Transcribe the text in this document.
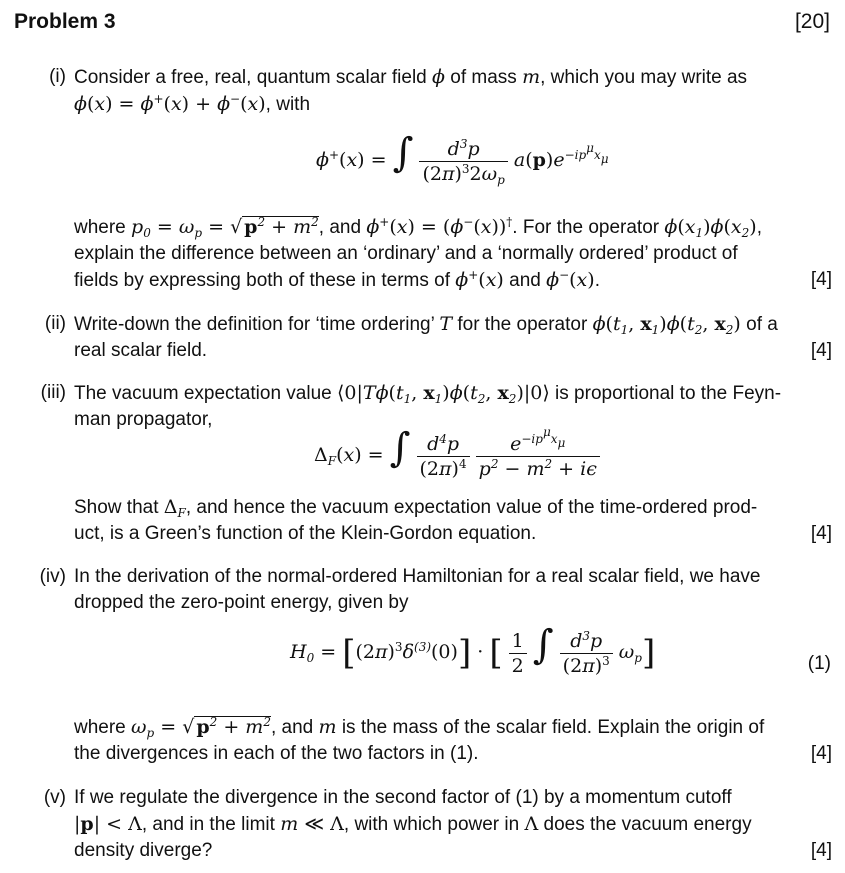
Problem 3	[20]
(i) Consider a free, real, quantum scalar field ϕ of mass m, which you may write as
ϕ(x) = ϕ+(x) + ϕ−(x), with
ϕ+(x) = ∫ $\frac{d^3p}{(2\pi)^32\omega_p} a(p)e^{-ip^\mu x_\mu}$
where $p_0 = \omega_p$ = √ $p^2 + m^2$, and ϕ+(x) = (ϕ−(x))†. For the operator $\phi(x_1)\phi(x_2)$,
explain the difference between an ‘ordinary’ and a ‘normally ordered’ product of
fields by expressing both of these in terms of ϕ+(x) and ϕ−(x).	[4]
(ii) Write-down the definition for ‘time ordering’ T for the operator $\phi(t_1$, $x_1)\phi(t_2$, $x_2$) of a
real scalar field.	[4]
(iii) The vacuum expectation value $⟨0|T\phi(t_1$, $x_1)\phi(t_2$, $x_2)|0⟩$ is proportional to the Feyn-
man propagator,
$\Delta_F(x)$ = ∫ $\frac{d^4p}{(2\pi)^4}$
$\frac{e^{-ip^\mu x_\mu}}{p^2 - m^2 + i\epsilon}$
Show that $\Delta_F$, and hence the vacuum expectation value of the time-ordered prod-
uct, is a Green’s function of the Klein-Gordon equation.	[4]
(iv) In the derivation of the normal-ordered Hamiltonian for a real scalar field, we have
dropped the zero-point energy, given by
$H_0 = [(2\pi)^3\delta^{(3)}(0)]$ · [ $\frac{1}{2}$ ∫ $\frac{d^3p}{(2\pi)^3} \omega_p$]	(1)
where $\omega_p$ = √ $p^2 + m^2$, and m is the mass of the scalar field. Explain the origin of
the divergences in each of the two factors in (1).	[4]
(v) If we regulate the divergence in the second factor of (1) by a momentum cutoff
|p| < Λ, and in the limit m ≪ Λ, with which power in Λ does the vacuum energy
density diverge?	[4]
